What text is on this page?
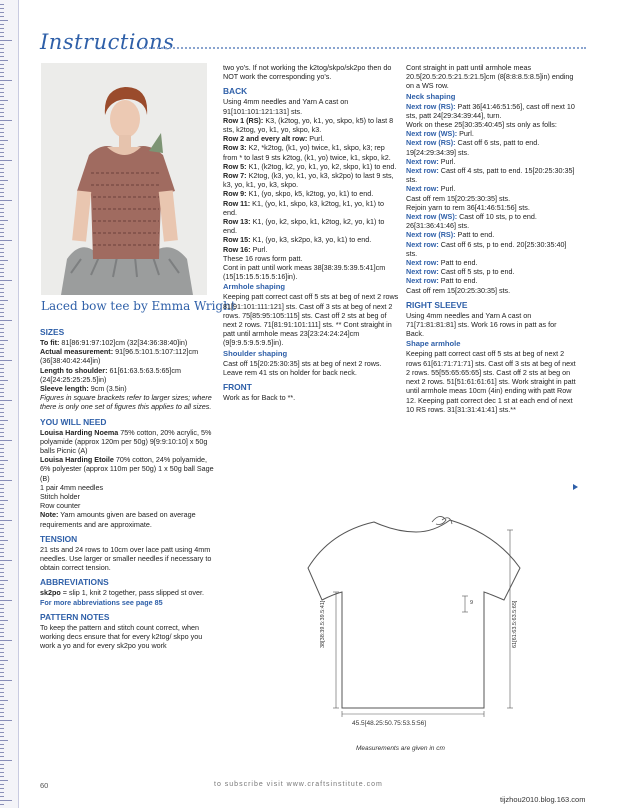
Instructions
Laced bow tee by Emma Wright

SIZES

To fit: 81[86:91:97:102]cm (32[34:36:38:40]in)

Actual measurement: 91[96.5:101.5:107:112]cm (36[38:40:42:44]in)

Length to shoulder: 61[61:63.5:63.5:65]cm (24[24:25:25:25.5]in)

Sleeve length: 9cm (3.5in)

Figures in square brackets refer to larger sizes; where there is only one set of figures this applies to all sizes.

YOU WILL NEED

Louisa Harding Noema 75% cotton, 20% acrylic, 5% polyamide (approx 120m per 50g) 9[9:9:10:10] x 50g balls Picnic (A)

Louisa Harding Etoile 70% cotton, 24% polyamide, 6% polyester (approx 110m per 50g) 1 x 50g ball Sage (B)

1 pair 4mm needles

Stitch holder

Row counter

Note: Yarn amounts given are based on average requirements and are approximate.

TENSION

21 sts and 24 rows to 10cm over lace patt using 4mm needles. Use larger or smaller needles if necessary to obtain correct tension.

ABBREVIATIONS

sk2po = slip 1, knit 2 together, pass slipped st over.

For more abbreviations see page 85

PATTERN NOTES

To keep the pattern and stitch count correct, when working decs ensure that for every k2tog/ skpo you work a yo and for every sk2po you work

two yo's. If not working the k2tog/skpo/sk2po then do NOT work the corresponding yo's.

BACK

Using 4mm needles and Yarn A cast on 91[101:101:121:131] sts.

Row 1 (RS): K3, (k2tog, yo, k1, yo, skpo, k5) to last 8 sts, k2tog, yo, k1, yo, skpo, k3.

Row 2 and every alt row: Purl.

Row 3: K2, *k2tog, (k1, yo) twice, k1, skpo, k3; rep from * to last 9 sts k2tog, (k1, yo) twice, k1, skpo, k2.

Row 5: K1, (k2tog, k2, yo, k1, yo, k2, skpo, k1) to end.

Row 7: K2tog, (k3, yo, k1, yo, k3, sk2po) to last 9 sts, k3, yo, k1, yo, k3, skpo.

Row 9: K1, (yo, skpo, k5, k2tog, yo, k1) to end.

Row 11: K1, (yo, k1, skpo, k3, k2tog, k1, yo, k1) to end.

Row 13: K1, (yo, k2, skpo, k1, k2tog, k2, yo, k1) to end.

Row 15: K1, (yo, k3, sk2po, k3, yo, k1) to end.

Row 16: Purl.

These 16 rows form patt.

Cont in patt until work meas 38[38:39.5:39.5:41]cm (15[15:15.5:15.5:16]in).

Armhole shaping

Keeping patt correct cast off 5 sts at beg of next 2 rows 81[91:101:111:121] sts. Cast off 3 sts at beg of next 2 rows. 75[85:95:105:115] sts. Cast off 2 sts at beg of next 2 rows. 71[81:91:101:111] sts. ** Cont straight in patt until armhole meas 23[23:24:24:24]cm (9[9:9.5:9.5:9.5]in).

Shoulder shaping

Cast off 15[20:25:30:35] sts at beg of next 2 rows. Leave rem 41 sts on holder for back neck.

FRONT

Work as for Back to **.

Cont straight in patt until armhole meas 20.5[20.5:20.5:21.5:21.5]cm (8[8:8:8.5:8.5]in) ending on a WS row.

Neck shaping

Next row (RS): Patt 36[41:46:51:56], cast off next 10 sts, patt 24[29:34:39:44], turn.

Work on these 25[30:35:40:45] sts only as folls:

Next row (WS): Purl.

Next row (RS): Cast off 6 sts, patt to end. 19[24:29:34:39] sts.

Next row: Purl.

Next row: Cast off 4 sts, patt to end. 15[20:25:30:35] sts.

Next row: Purl.

Cast off rem 15[20:25:30:35] sts.

Rejoin yarn to rem 36[41:46:51:56] sts.

Next row (WS): Cast off 10 sts, p to end. 26[31:36:41:46] sts.

Next row (RS): Patt to end.

Next row: Cast off 6 sts, p to end. 20[25:30:35:40] sts.

Next row: Patt to end.

Next row: Cast off 5 sts, p to end.

Next row: Patt to end.

Cast off rem 15[20:25:30:35] sts.

RIGHT SLEEVE

Using 4mm needles and Yarn A cast on 71[71:81:81:81] sts. Work 16 rows in patt as for Back.

Shape armhole

Keeping patt correct cast off 5 sts at beg of next 2 rows 61[61:71:71:71] sts. Cast off 3 sts at beg of next 2 rows. 55[55:65:65:65] sts. Cast off 2 sts at beg on next 2 rows. 51[51:61:61:61] sts. Work straight in patt until armhole meas 10cm (4in) ending with patt Row 12. Keeping patt correct dec 1 st at each end of next 10 RS rows. 31[31:31:41:41] sts.**

45.5[48.25:50.75:53.5:56]
38[38:39.5:39.5:41]	61[61:63.5:63.5:65]
9
Measurements are given in cm
60	to subscribe visit www.craftsinstitute.com
tijzhou2010.blog.163.com
